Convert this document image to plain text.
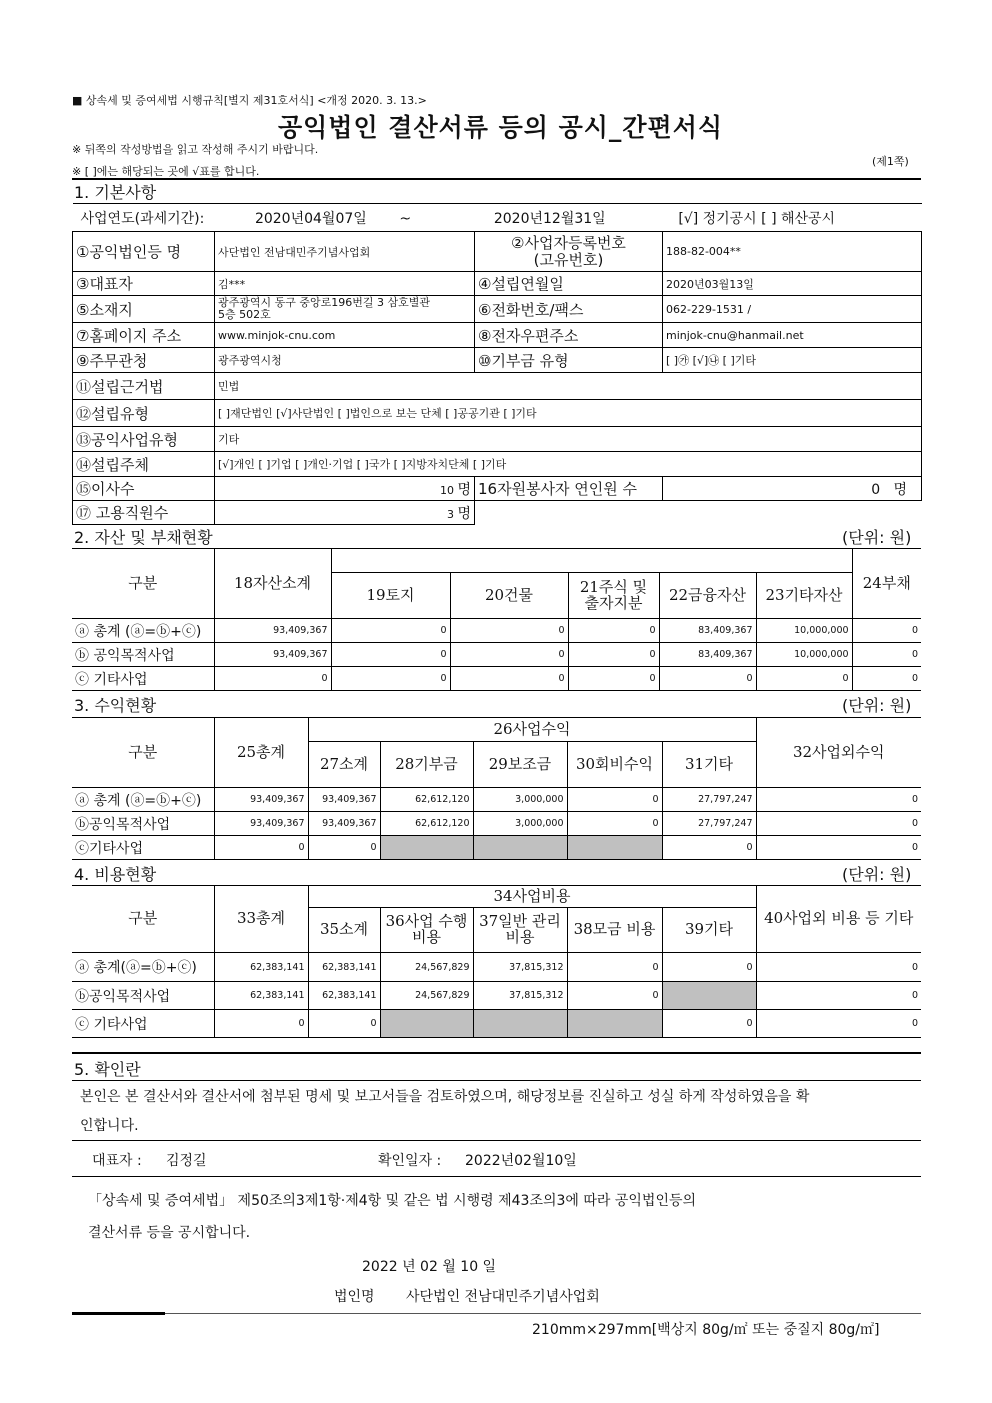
■ 상속세 및 증여세법 시행규칙[별지 제31호서식] <개정 2020. 3. 13.>
공익법인 결산서류 등의 공시_간편서식
※ 뒤쪽의 작성방법을 읽고 작성해 주시기 바랍니다.
(제1쪽)
※ [ ]에는 해당되는 곳에 √표를 합니다.
1. 기본사항
사업연도(과세기간): 2020년04월07일 ~ 2020년12월31일 [√] 정기공시 [ ] 해산공시			
①공익법인등 명	사단법인 전남대민주기념사업회	②사업자등록번호
(고유번호)	188-82-004**
③대표자	김***	④설립연월일	2020년03월13일
⑤소재지	광주광역시 동구 중앙로196번길 3 삼호별관
5층 502호	⑥전화번호/팩스	062-229-1531 /
⑦홈페이지 주소	www.minjok-cnu.com	⑧전자우편주소	minjok-cnu@hanmail.net
⑨주무관청	광주광역시청	⑩기부금 유형	[ ]㉮ [√]㉯ [ ]기타
⑪설립근거법	민법		
⑫설립유형	[ ]재단법인 [√]사단법인 [ ]법인으로 보는 단체 [ ]공공기관 [ ]기타		
⑬공익사업유형	기타		
⑭설립주체	[√]개인 [ ]기업 [ ]개인·기업 [ ]국가 [ ]지방자치단체 [ ]기타		
⑮이사수	10 명	16자원봉사자 연인원 수	0 명
⑰ 고용직원수	3 명		
2. 자산 및 부채현황	(단위: 원)
구분	18자산소계						24부채
		19토지	20건물	21주식 및 출자지분	22금융자산	23기타자산	
ⓐ 총계 (ⓐ=ⓑ+ⓒ)	93,409,367	0	0	0	83,409,367	10,000,000	0
ⓑ 공익목적사업	93,409,367	0	0	0	83,409,367	10,000,000	0
ⓒ 기타사업	0	0	0	0	0	0	0
3. 수익현황	(단위: 원)
구분	25총계	26사업수익					32사업외수익
		27소계	28기부금	29보조금	30회비수익	31기타	
ⓐ 총계 (ⓐ=ⓑ+ⓒ)	93,409,367	93,409,367	62,612,120	3,000,000	0	27,797,247	0
ⓑ공익목적사업	93,409,367	93,409,367	62,612,120	3,000,000	0	27,797,247	0
ⓒ기타사업	0	0				0	0
4. 비용현황	(단위: 원)
구분	33총계	34사업비용					40사업외 비용 등 기타
		35소계	36사업 수행비용	37일반 관리비용	38모금 비용	39기타	
ⓐ 총계(ⓐ=ⓑ+ⓒ)	62,383,141	62,383,141	24,567,829	37,815,312	0	0	0
ⓑ공익목적사업	62,383,141	62,383,141	24,567,829	37,815,312	0		0
ⓒ 기타사업	0	0				0	0
5. 확인란
본인은 본 결산서와 결산서에 첨부된 명세 및 보고서들을 검토하였으며, 해당정보를 진실하고 성실 하게 작성하였음을 확
인합니다.
대표자 : 김정길	확인일자 : 2022년02월10일
「상속세 및 증여세법」 제50조의3제1항·제4항 및 같은 법 시행령 제43조의3에 따라 공익법인등의
결산서류 등을 공시합니다.
2022 년 02 월 10 일
법인명 사단법인 전남대민주기념사업회
210mm×297mm[백상지 80g/㎡ 또는 중질지 80g/㎡]
